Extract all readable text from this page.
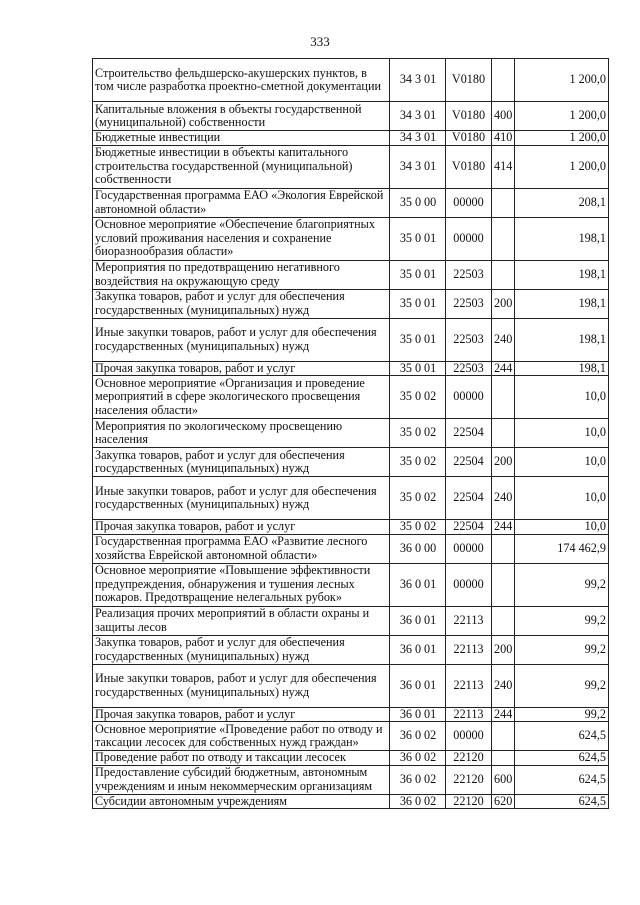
333
Строительство фельдшерско-акушерских пунктов, в том числе разработка проектно-сметной документации	34 3 01	V0180		1 200,0
Капитальные вложения в объекты государственной (муниципальной) собственности	34 3 01	V0180	400	1 200,0
Бюджетные инвестиции	34 3 01	V0180	410	1 200,0
Бюджетные инвестиции в объекты капитального строительства государственной (муниципальной) собственности	34 3 01	V0180	414	1 200,0
Государственная программа ЕАО «Экология Еврейской автономной области»	35 0 00	00000		208,1
Основное мероприятие «Обеспечение благоприятных условий проживания населения и сохранение биоразнообразия области»	35 0 01	00000		198,1
Мероприятия по предотвращению негативного воздействия на окружающую среду	35 0 01	22503		198,1
Закупка товаров, работ и услуг для обеспечения государственных (муниципальных) нужд	35 0 01	22503	200	198,1
Иные закупки товаров, работ и услуг для обеспечения государственных (муниципальных) нужд	35 0 01	22503	240	198,1
Прочая закупка товаров, работ и услуг	35 0 01	22503	244	198,1
Основное мероприятие «Организация и проведение мероприятий в сфере экологического просвещения населения области»	35 0 02	00000		10,0
Мероприятия по экологическому просвещению населения	35 0 02	22504		10,0
Закупка товаров, работ и услуг для обеспечения государственных (муниципальных) нужд	35 0 02	22504	200	10,0
Иные закупки товаров, работ и услуг для обеспечения государственных (муниципальных) нужд	35 0 02	22504	240	10,0
Прочая закупка товаров, работ и услуг	35 0 02	22504	244	10,0
Государственная программа ЕАО «Развитие лесного хозяйства Еврейской автономной области»	36 0 00	00000		174 462,9
Основное мероприятие «Повышение эффективности предупреждения, обнаружения и тушения лесных пожаров. Предотвращение нелегальных рубок»	36 0 01	00000		99,2
Реализация прочих мероприятий в области охраны и защиты лесов	36 0 01	22113		99,2
Закупка товаров, работ и услуг для обеспечения государственных (муниципальных) нужд	36 0 01	22113	200	99,2
Иные закупки товаров, работ и услуг для обеспечения государственных (муниципальных) нужд	36 0 01	22113	240	99,2
Прочая закупка товаров, работ и услуг	36 0 01	22113	244	99,2
Основное мероприятие «Проведение работ по отводу и таксации лесосек для собственных нужд граждан»	36 0 02	00000		624,5
Проведение работ по отводу и таксации лесосек	36 0 02	22120		624,5
Предоставление субсидий бюджетным, автономным учреждениям и иным некоммерческим организациям	36 0 02	22120	600	624,5
Субсидии автономным учреждениям	36 0 02	22120	620	624,5
